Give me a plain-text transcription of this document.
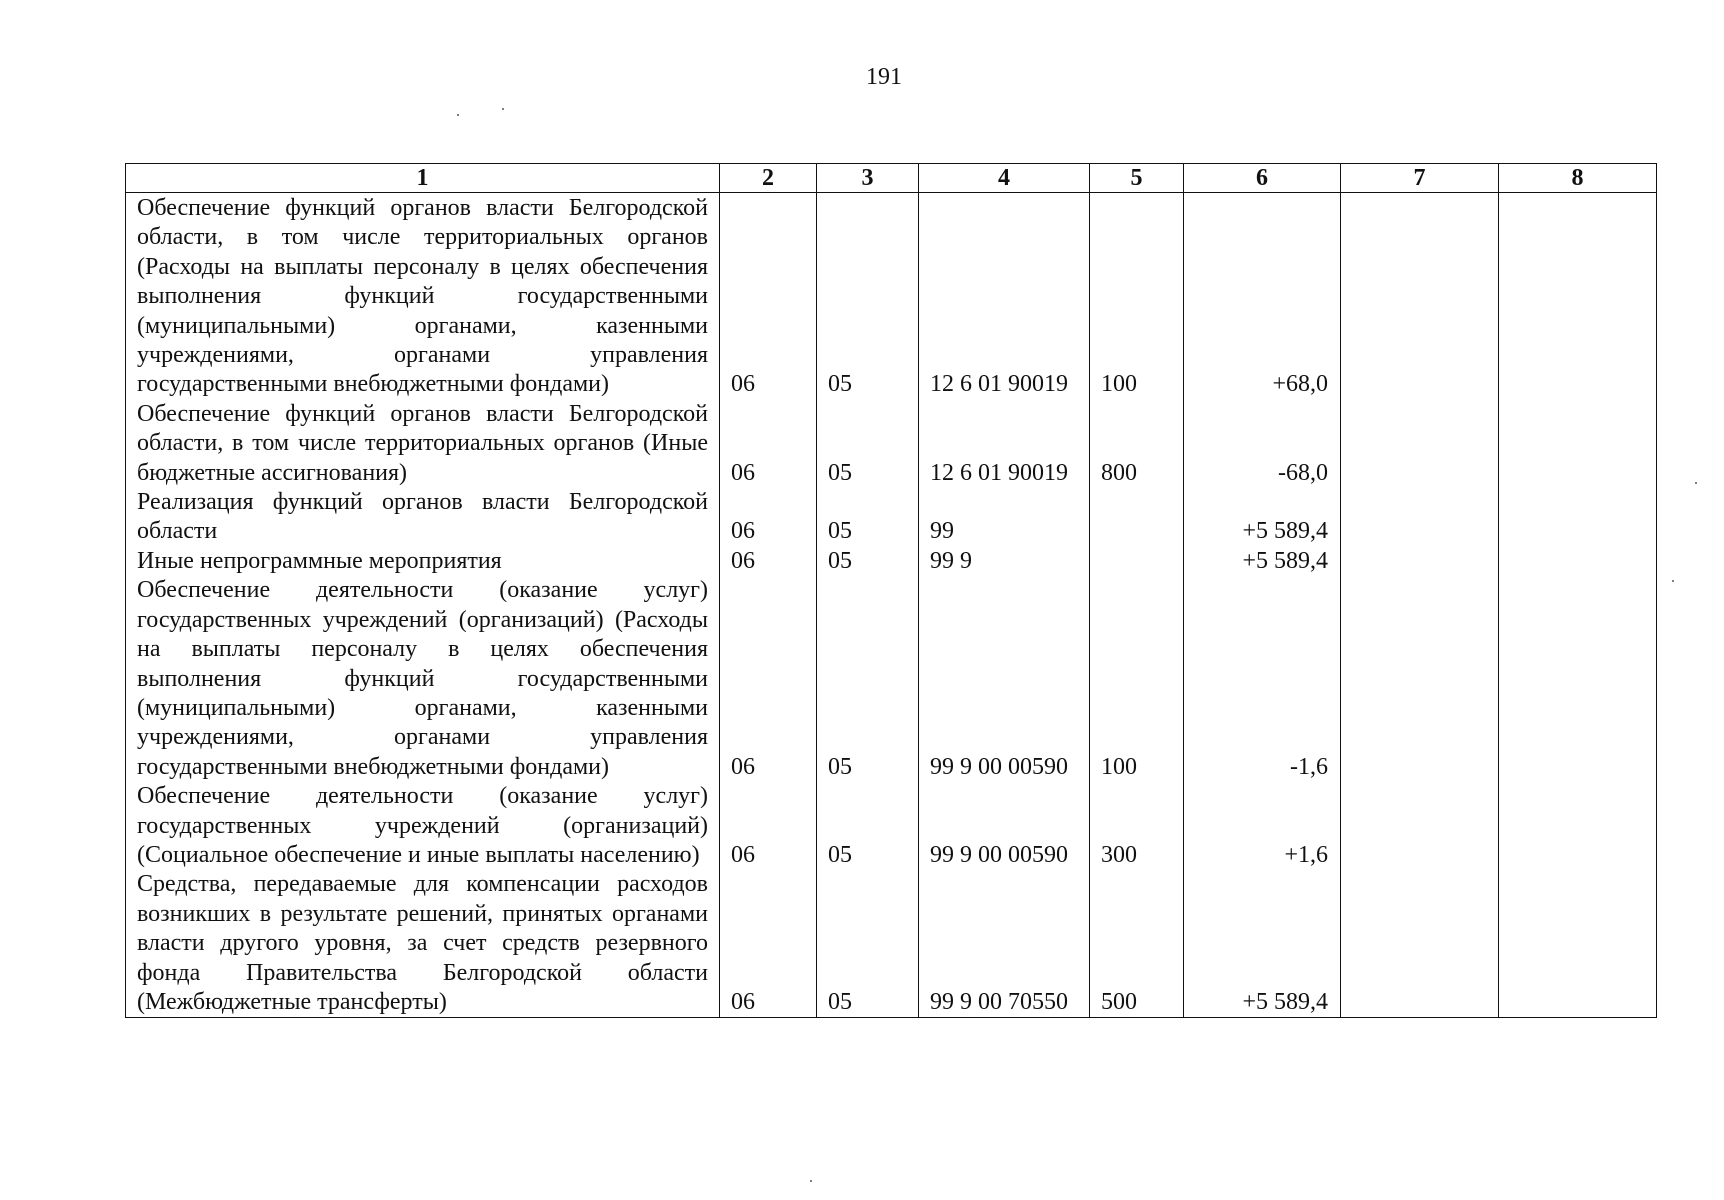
191
1	2	3	4	5	6	7	8
Обеспечение функций органов власти Белгородской области, в том числе территориальных органов (Расходы на выплаты персоналу в целях обеспечения выполнения функций государственными (муниципальными) органами, казенными учреждениями, органами управления государственными внебюджетными фондами)	06	05	12 6 01 90019	100	+68,0		
Обеспечение функций органов власти Белгородской области, в том числе территориальных органов (Иные бюджетные ассигнования)	06	05	12 6 01 90019	800	-68,0		
Реализация функций органов власти Белгородской области	06	05	99		+5 589,4		
Иные непрограммные мероприятия	06	05	99 9		+5 589,4		
Обеспечение деятельности (оказание услуг) государственных учреждений (организаций) (Расходы на выплаты персоналу в целях обеспечения выполнения функций государственными (муниципальными) органами, казенными учреждениями, органами управления государственными внебюджетными фондами)	06	05	99 9 00 00590	100	-1,6		
Обеспечение деятельности (оказание услуг) государственных учреждений (организаций) (Социальное обеспечение и иные выплаты населению)	06	05	99 9 00 00590	300	+1,6		
Средства, передаваемые для компенсации расходов возникших в результате решений, принятых органами власти другого уровня, за счет средств резервного фонда Правительства Белгородской области (Межбюджетные трансферты)	06	05	99 9 00 70550	500	+5 589,4		
